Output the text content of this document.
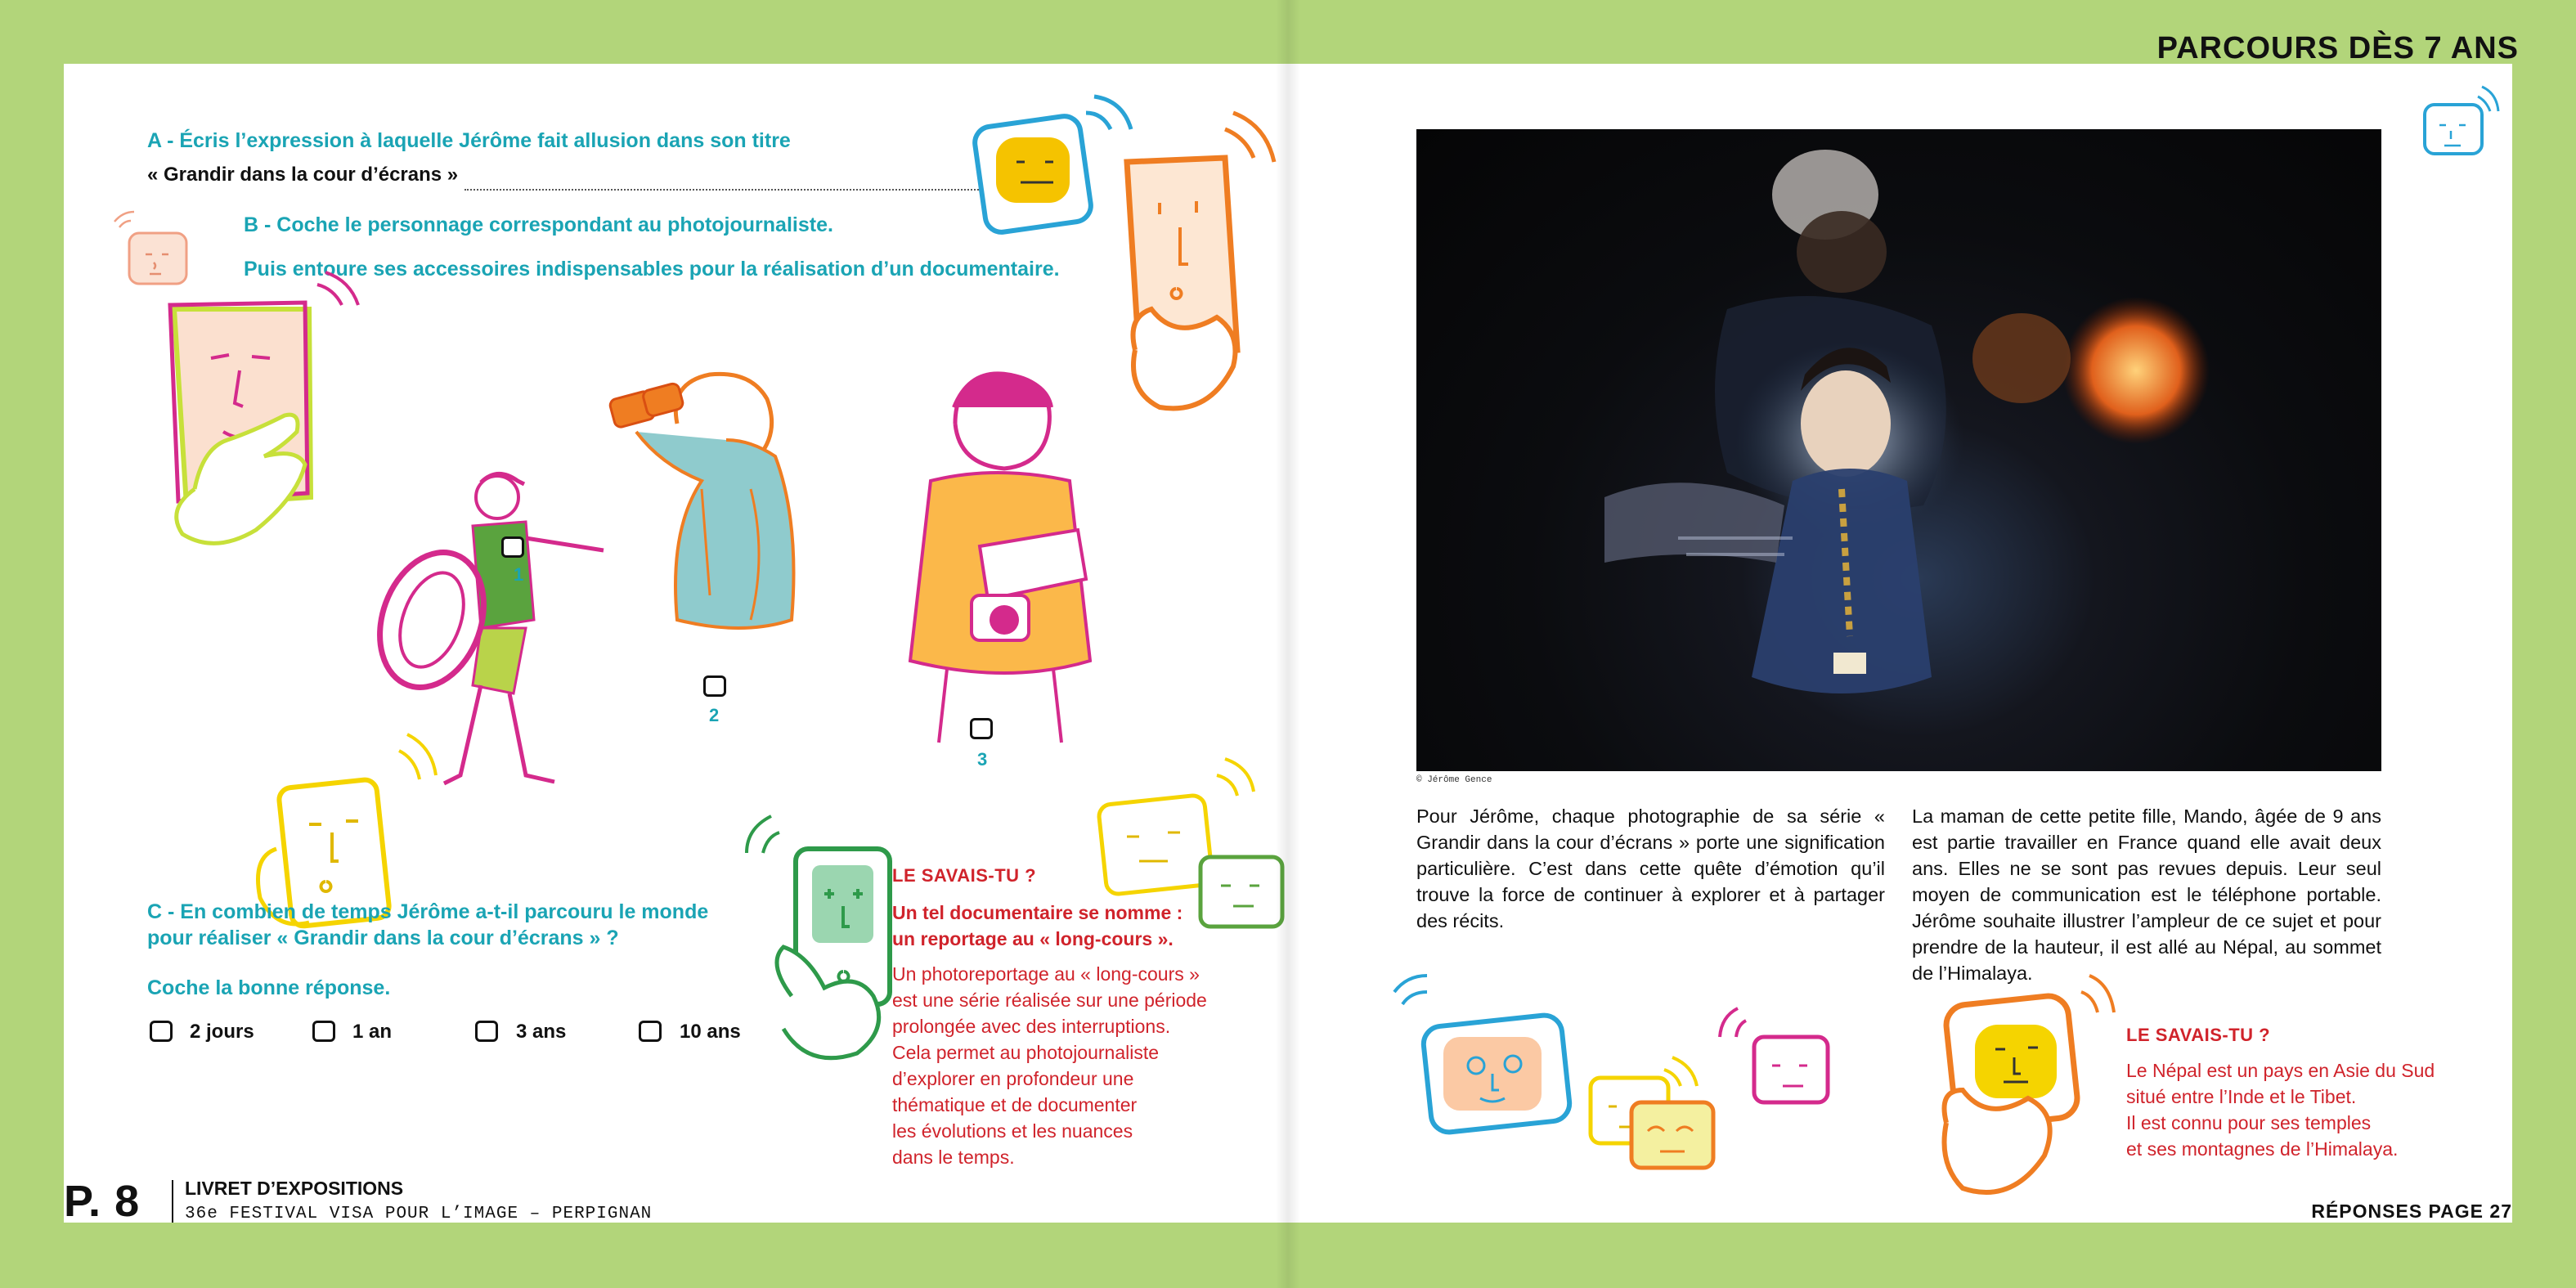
A - Écris l’expression à laquelle Jérôme fait allusion dans son titre
« Grandir dans la cour d’écrans »
B - Coche le personnage correspondant au photojournaliste.
Puis entoure ses accessoires indispensables pour la réalisation d’un documentaire.
1
2
3
C - En combien de temps Jérôme a-t-il parcouru le monde
pour réaliser « Grandir dans la cour d’écrans » ?
Coche la bonne réponse.
2 jours	1 an	3 ans	10 ans
LE SAVAIS-TU ?
Un tel documentaire se nomme :
un reportage au « long-cours ».
Un photoreportage au « long-cours »
est une série réalisée sur une période
prolongée avec des interruptions.
Cela permet au photojournaliste
d’explorer en profondeur une
thématique et de documenter
les évolutions et les nuances
dans le temps.
P. 8 LIVRET D’EXPOSITIONS
36e FESTIVAL VISA POUR L’IMAGE – PERPIGNAN
© Jérôme Gence
Pour Jérôme, chaque photographie de sa série « Grandir dans la cour d’écrans » porte une signification particulière. C’est dans cette quête d’émotion qu’il trouve la force de continuer à explorer et à partager des récits.
La maman de cette petite fille, Mando, âgée de 9 ans est partie travailler en France quand elle avait deux ans. Elles ne se sont pas revues depuis. Leur seul moyen de communication est le téléphone portable. Jérôme souhaite illustrer l’ampleur de ce sujet et pour prendre de la hauteur, il est allé au Népal, au sommet de l’Himalaya.
LE SAVAIS-TU ?
Le Népal est un pays en Asie du Sud
situé entre l’Inde et le Tibet.
Il est connu pour ses temples
et ses montagnes de l’Himalaya.
RÉPONSES PAGE 27
PARCOURS DÈS 7 ANS
